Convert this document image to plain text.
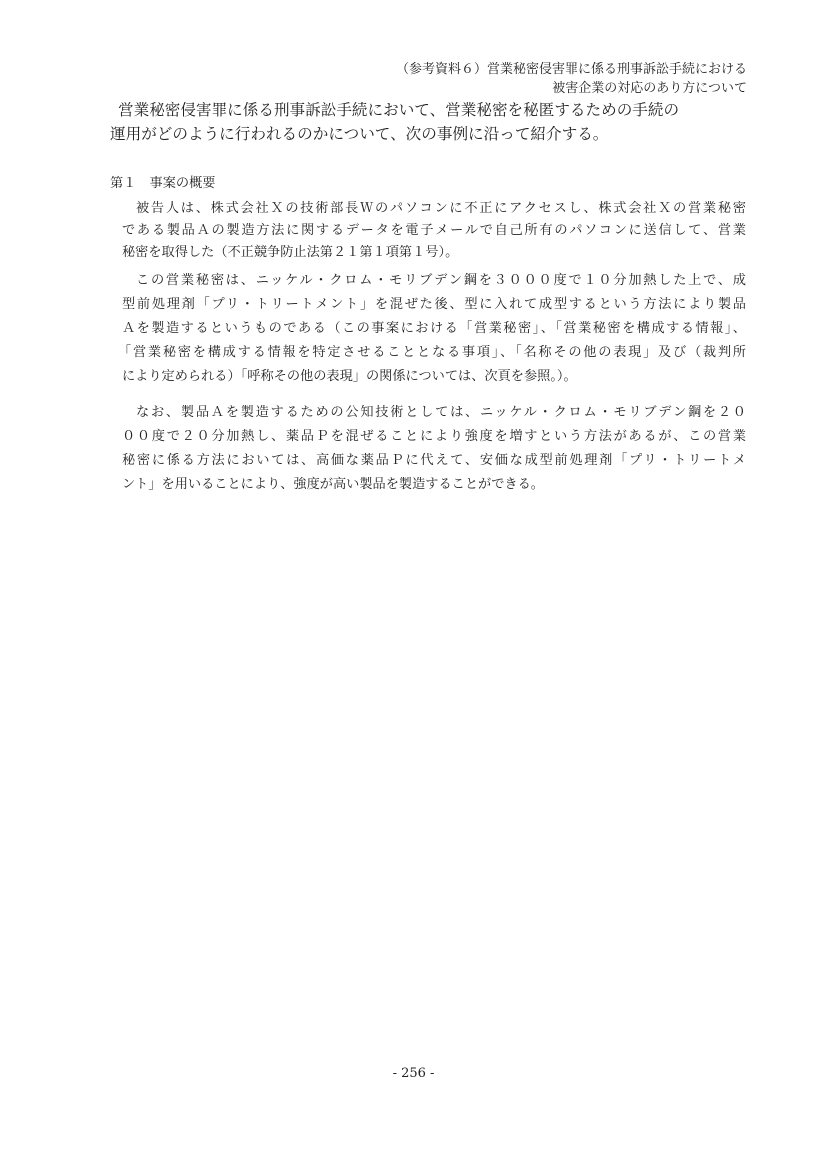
（参考資料６）営業秘密侵害罪に係る刑事訴訟手続における
被害企業の対応のあり方について
営業秘密侵害罪に係る刑事訴訟手続において、営業秘密を秘匿するための手続の
運用がどのように行われるのかについて、次の事例に沿って紹介する。
第１　事案の概要
被告人は、株式会社Ｘの技術部長Ｗのパソコンに不正にアクセスし、株式会社Ｘの営業秘密
である製品Ａの製造方法に関するデータを電子メールで自己所有のパソコンに送信して、営業
秘密を取得した（不正競争防止法第２１第１項第１号）。
この営業秘密は、ニッケル・クロム・モリブデン鋼を３０００度で１０分加熱した上で、成
型前処理剤「プリ・トリートメント」を混ぜた後、型に入れて成型するという方法により製品
Ａを製造するというものである（この事案における「営業秘密」、「営業秘密を構成する情報」、
「営業秘密を構成する情報を特定させることとなる事項」、「名称その他の表現」及び（裁判所
により定められる）「呼称その他の表現」の関係については、次頁を参照。）。
なお、製品Ａを製造するための公知技術としては、ニッケル・クロム・モリブデン鋼を２０
００度で２０分加熱し、薬品Ｐを混ぜることにより強度を増すという方法があるが、この営業
秘密に係る方法においては、高価な薬品Ｐに代えて、安価な成型前処理剤「プリ・トリートメ
ント」を用いることにより、強度が高い製品を製造することができる。
- 256 -
